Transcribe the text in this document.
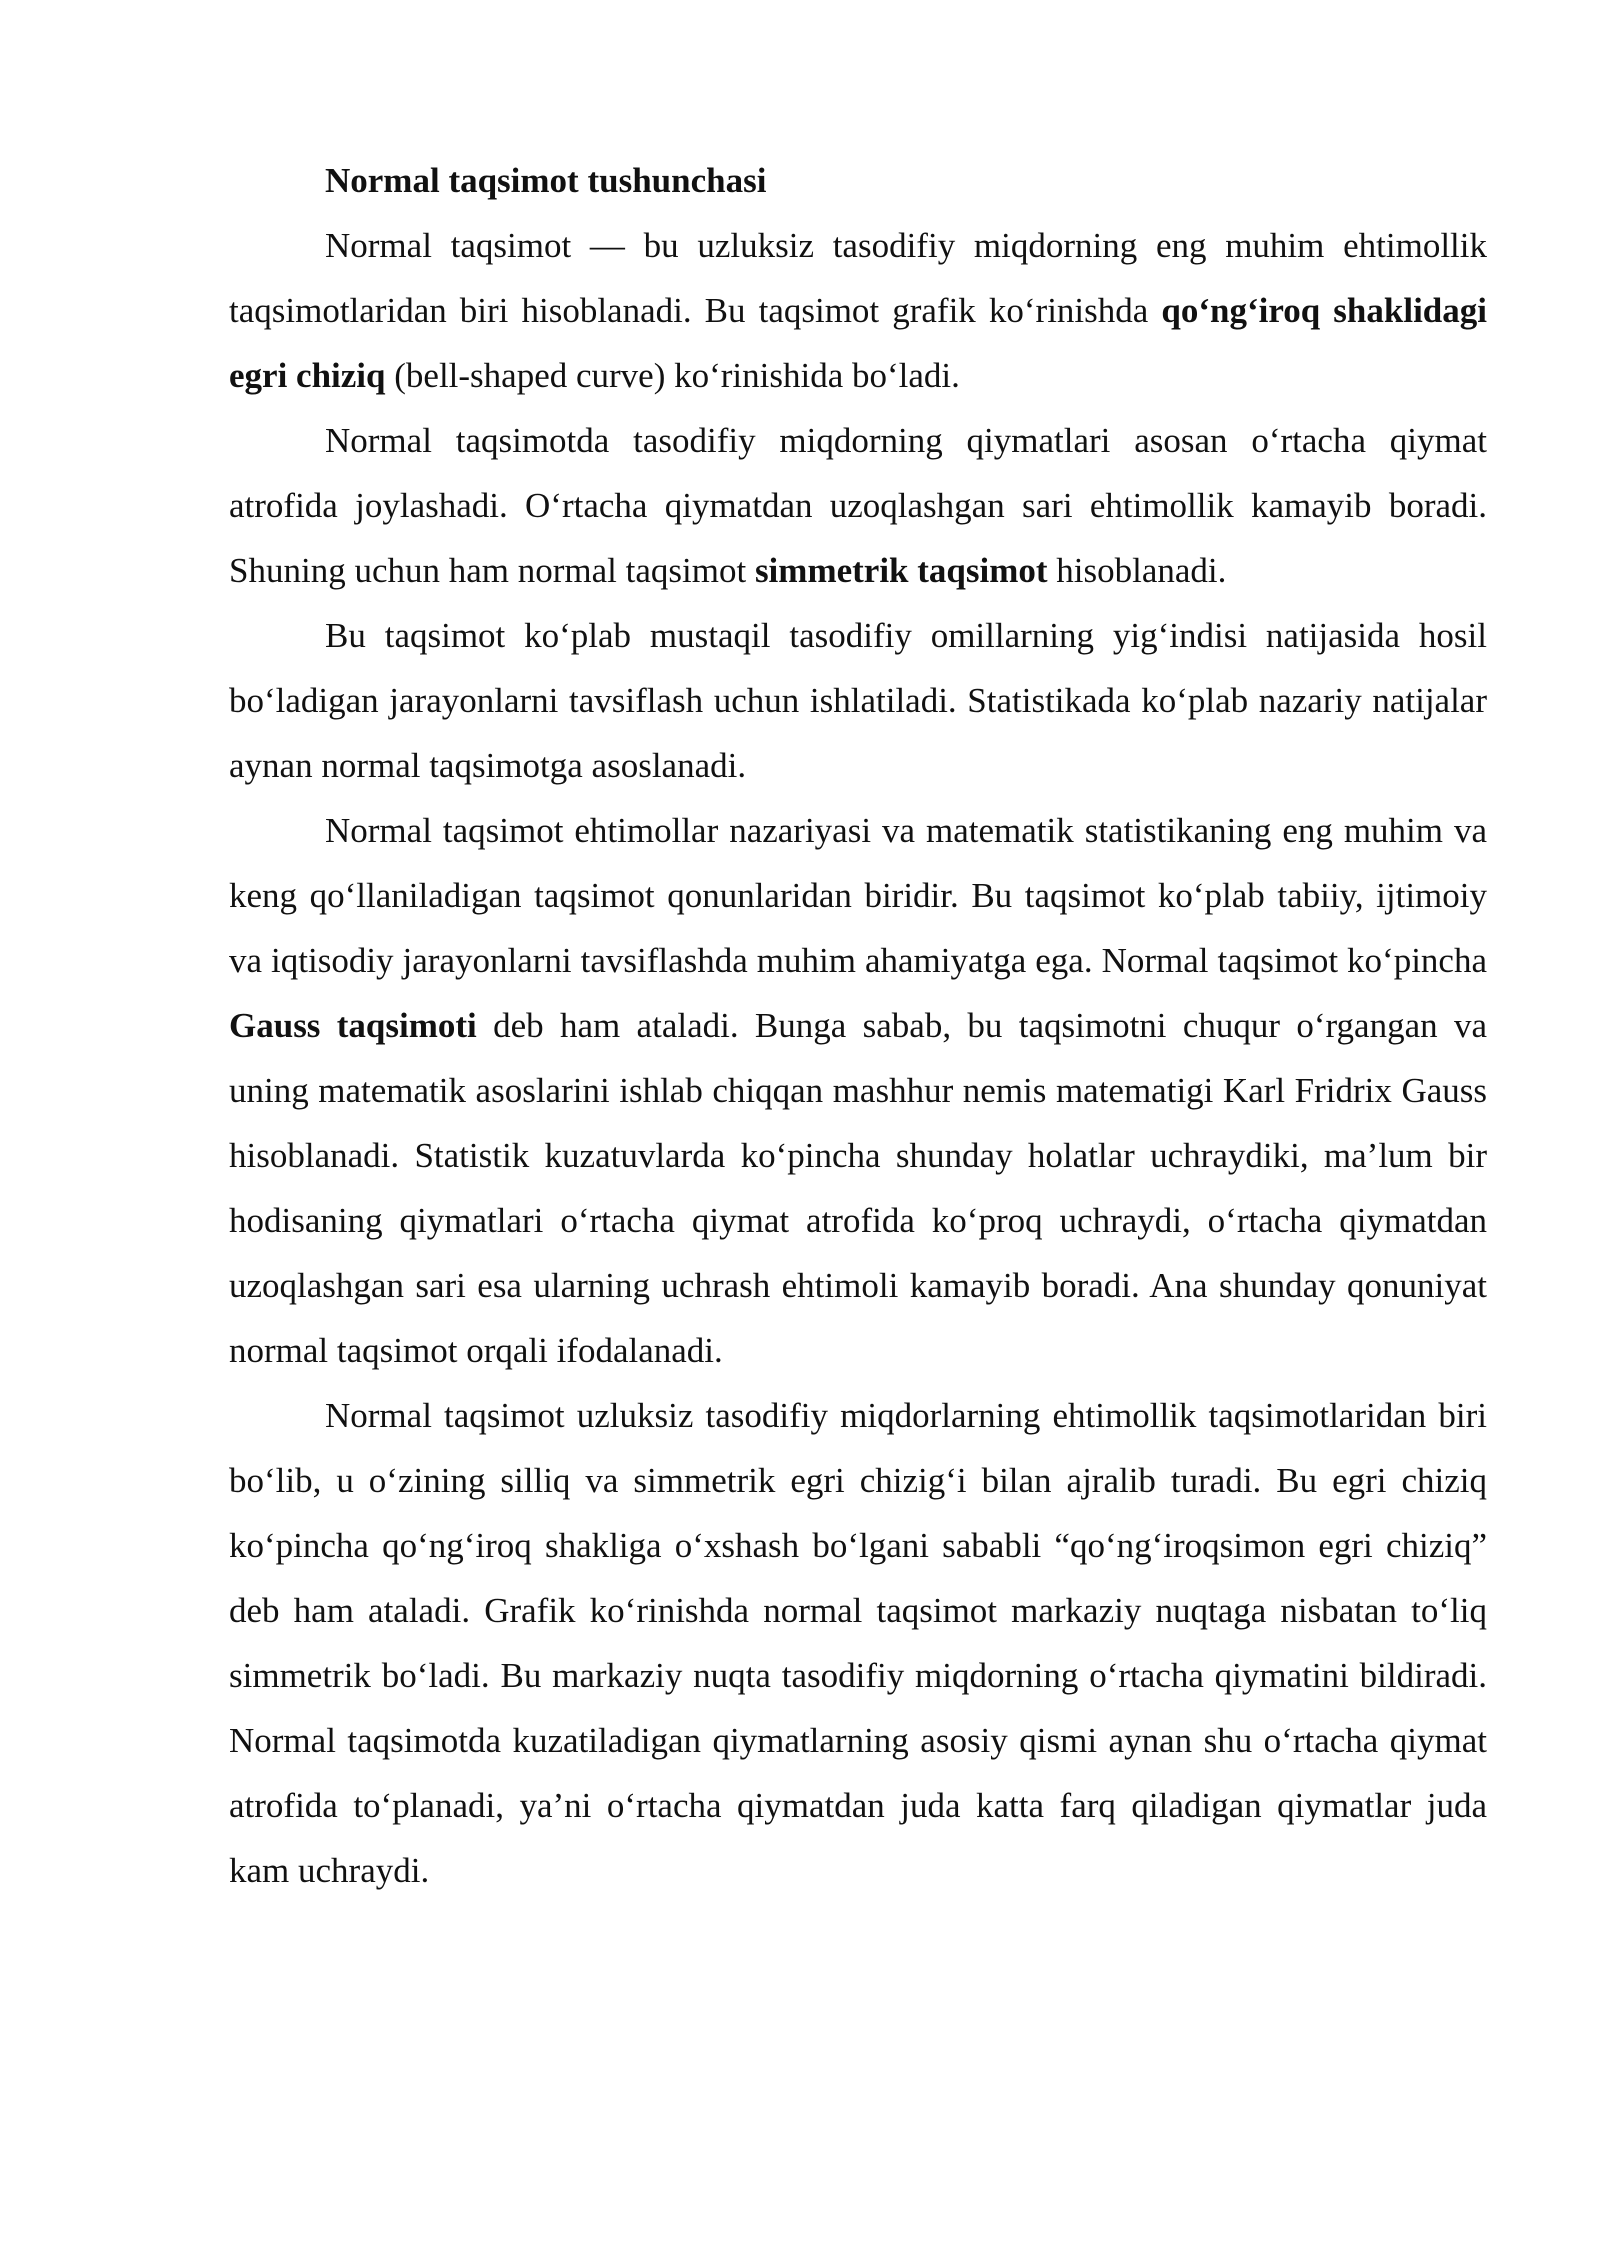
Normal taqsimot tushunchasi

Normal taqsimot — bu uzluksiz tasodifiy miqdorning eng muhim ehtimollik taqsimotlaridan biri hisoblanadi. Bu taqsimot grafik ko‘rinishda qo‘ng‘iroq shaklidagi egri chiziq (bell-shaped curve) ko‘rinishida bo‘ladi.

Normal taqsimotda tasodifiy miqdorning qiymatlari asosan o‘rtacha qiymat atrofida joylashadi. O‘rtacha qiymatdan uzoqlashgan sari ehtimollik kamayib boradi. Shuning uchun ham normal taqsimot simmetrik taqsimot hisoblanadi.

Bu taqsimot ko‘plab mustaqil tasodifiy omillarning yig‘indisi natijasida hosil bo‘ladigan jarayonlarni tavsiflash uchun ishlatiladi. Statistikada ko‘plab nazariy natijalar aynan normal taqsimotga asoslanadi.

Normal taqsimot ehtimollar nazariyasi va matematik statistikaning eng muhim va keng qo‘llaniladigan taqsimot qonunlaridan biridir. Bu taqsimot ko‘plab tabiiy, ijtimoiy va iqtisodiy jarayonlarni tavsiflashda muhim ahamiyatga ega. Normal taqsimot ko‘pincha Gauss taqsimoti deb ham ataladi. Bunga sabab, bu taqsimotni chuqur o‘rgangan va uning matematik asoslarini ishlab chiqqan mashhur nemis matematigi Karl Fridrix Gauss hisoblanadi. Statistik kuzatuvlarda ko‘pincha shunday holatlar uchraydiki, ma’lum bir hodisaning qiymatlari o‘rtacha qiymat atrofida ko‘proq uchraydi, o‘rtacha qiymatdan uzoqlashgan sari esa ularning uchrash ehtimoli kamayib boradi. Ana shunday qonuniyat normal taqsimot orqali ifodalanadi.

Normal taqsimot uzluksiz tasodifiy miqdorlarning ehtimollik taqsimotlaridan biri bo‘lib, u o‘zining silliq va simmetrik egri chizig‘i bilan ajralib turadi. Bu egri chiziq ko‘pincha qo‘ng‘iroq shakliga o‘xshash bo‘lgani sababli “qo‘ng‘iroqsimon egri chiziq” deb ham ataladi. Grafik ko‘rinishda normal taqsimot markaziy nuqtaga nisbatan to‘liq simmetrik bo‘ladi. Bu markaziy nuqta tasodifiy miqdorning o‘rtacha qiymatini bildiradi. Normal taqsimotda kuzatiladigan qiymatlarning asosiy qismi aynan shu o‘rtacha qiymat atrofida to‘planadi, ya’ni o‘rtacha qiymatdan juda katta farq qiladigan qiymatlar juda kam uchraydi.
